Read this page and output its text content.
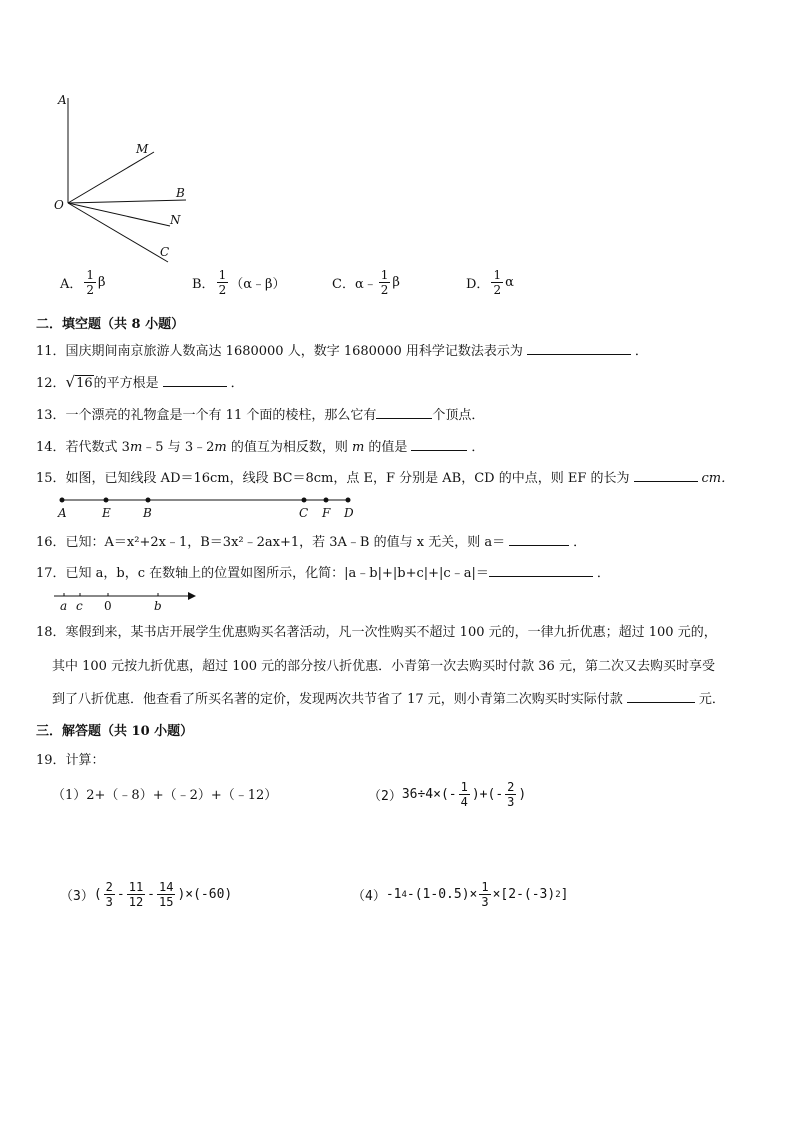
A
M
B
O
N
C
A． $\frac{1}{2}$ β	B． $\frac{1}{2}$ （α﹣β）	C．α﹣ $\frac{1}{2}$ β	D． $\frac{1}{2}$ α
二．填空题（共 8 小题）
11．国庆期间南京旅游人数高达 1680000 人，数字 1680000 用科学记数法表示为	．
12．√16的平方根是	．
13．一个漂亮的礼物盒是一个有 11 个面的棱柱，那么它有	个顶点．
14．若代数式 3m﹣5 与 3﹣2m 的值互为相反数，则 m 的值是	．
15．如图，已知线段 AD＝16cm，线段 BC＝8cm，点 E，F 分别是 AB，CD 的中点，则 EF 的长为	cm．
A	E	B	C F D
16．已知：A＝x²+2x﹣1，B＝3x²﹣2ax+1，若 3A﹣B 的值与 x 无关，则 a＝	．
17．已知 a，b，c 在数轴上的位置如图所示，化简：|a﹣b|+|b+c|+|c﹣a|＝	．
a c 0	b
18．寒假到来，某书店开展学生优惠购买名著活动，凡一次性购买不超过 100 元的，一律九折优惠；超过 100 元的，
其中 100 元按九折优惠，超过 100 元的部分按八折优惠．小青第一次去购买时付款 36 元，第二次又去购买时享受
到了八折优惠．他查看了所买名著的定价，发现两次共节省了 17 元，则小青第二次购买时实际付款	元．
三．解答题（共 10 小题）
19．计算：
（1）2+（﹣8）+（﹣2）+（﹣12）	（2） $36\div 4\times( - \frac{1}{4}$ )+( - $\frac{2}{3}$ )
（3） ( $\frac{2}{3} - \frac{11}{12} - \frac{14}{15} )\times(-60)$	（4） -1 4 $-(1-0.5)\times \frac{1}{3} \times[2-(-3)$ 2 ]
